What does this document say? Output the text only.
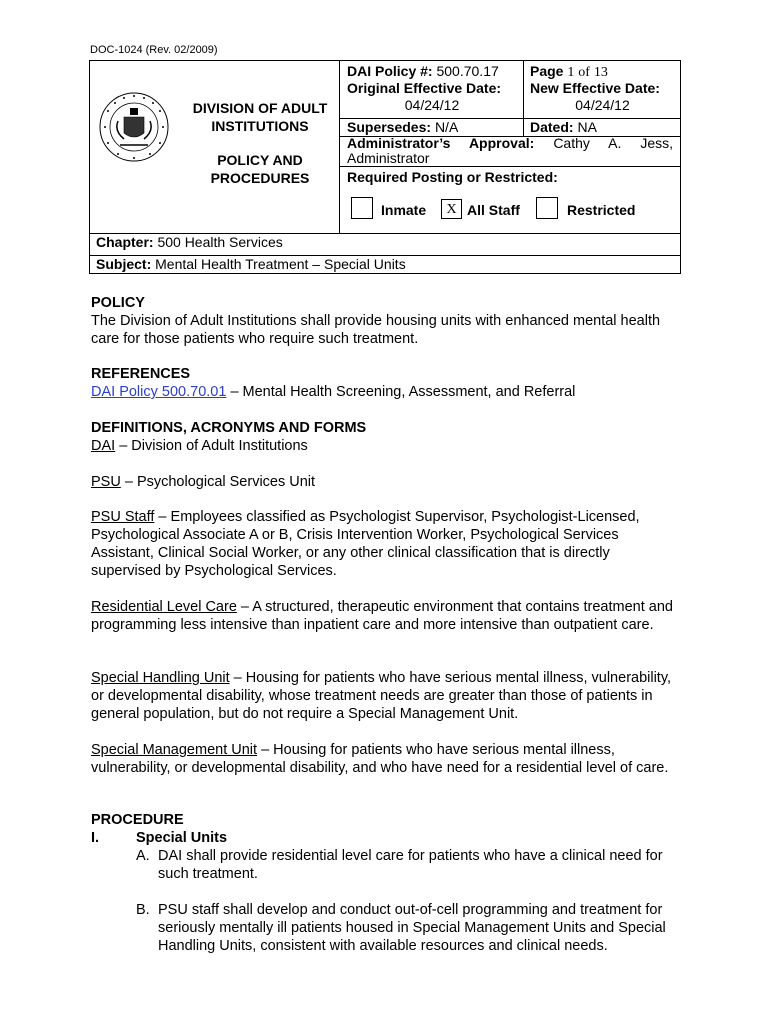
DOC-1024 (Rev. 02/2009)
DIVISION OF ADULT
INSTITUTIONS
POLICY AND
PROCEDURES
DAI Policy #: 500.70.17 Page 1 of 13
Original Effective Date:
04/24/12
New Effective Date:
04/24/12
Supersedes: N/A	Dated: NA
Administrator’s Approval: Cathy A. Jess,
Administrator
Required Posting or Restricted:
Inmate	X All Staff	Restricted
Chapter: 500 Health Services
Subject: Mental Health Treatment – Special Units
POLICY
The Division of Adult Institutions shall provide housing units with enhanced mental health care for those patients who require such treatment.
REFERENCES
DAI Policy 500.70.01 – Mental Health Screening, Assessment, and Referral
DEFINITIONS, ACRONYMS AND FORMS
DAI – Division of Adult Institutions
PSU – Psychological Services Unit
PSU Staff – Employees classified as Psychologist Supervisor, Psychologist-Licensed, Psychological Associate A or B, Crisis Intervention Worker, Psychological Services Assistant, Clinical Social Worker, or any other clinical classification that is directly supervised by Psychological Services.
Residential Level Care – A structured, therapeutic environment that contains treatment and programming less intensive than inpatient care and more intensive than outpatient care.
Special Handling Unit – Housing for patients who have serious mental illness, vulnerability, or developmental disability, whose treatment needs are greater than those of patients in general population, but do not require a Special Management Unit.
Special Management Unit – Housing for patients who have serious mental illness, vulnerability, or developmental disability, and who have need for a residential level of care.
PROCEDURE
I.	Special Units
A. DAI shall provide residential level care for patients who have a clinical need for such treatment.
B. PSU staff shall develop and conduct out-of-cell programming and treatment for seriously mentally ill patients housed in Special Management Units and Special Handling Units, consistent with available resources and clinical needs.
